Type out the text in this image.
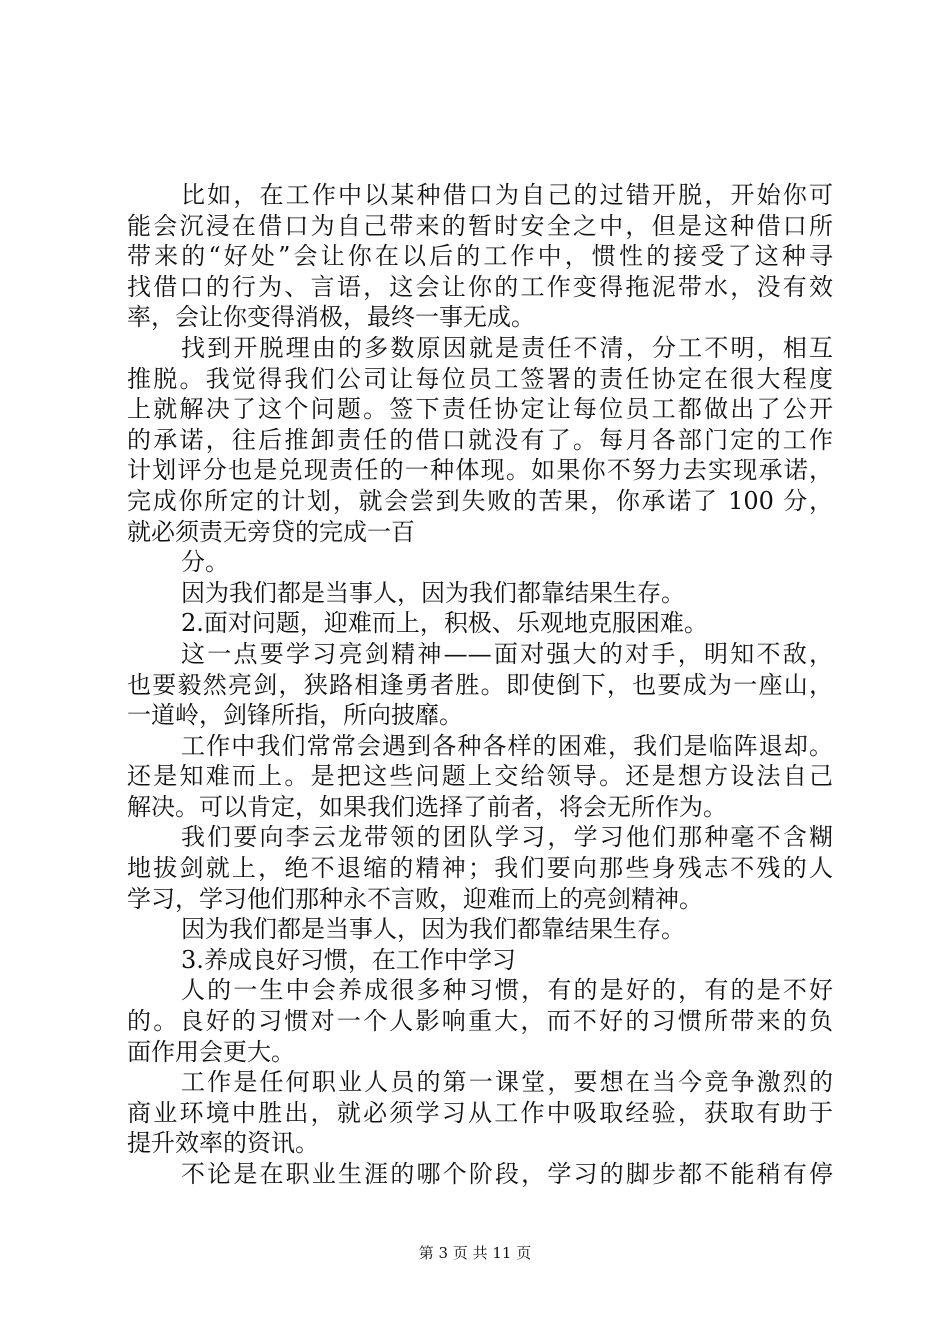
比如，在工作中以某种借口为自己的过错开脱，开始你可
能会沉浸在借口为自己带来的暂时安全之中，但是这种借口所
带来的“好处”会让你在以后的工作中，惯性的接受了这种寻
找借口的行为、言语，这会让你的工作变得拖泥带水，没有效
率，会让你变得消极，最终一事无成。
找到开脱理由的多数原因就是责任不清，分工不明，相互
推脱。我觉得我们公司让每位员工签署的责任协定在很大程度
上就解决了这个问题。签下责任协定让每位员工都做出了公开
的承诺，往后推卸责任的借口就没有了。每月各部门定的工作
计划评分也是兑现责任的一种体现。如果你不努力去实现承诺，
完成你所定的计划，就会尝到失败的苦果，你承诺了 100 分，
就必须责无旁贷的完成一百
分。
因为我们都是当事人，因为我们都靠结果生存。
2.面对问题，迎难而上，积极、乐观地克服困难。
这一点要学习亮剑精神——面对强大的对手，明知不敌，
也要毅然亮剑，狭路相逢勇者胜。即使倒下，也要成为一座山，
一道岭，剑锋所指，所向披靡。
工作中我们常常会遇到各种各样的困难，我们是临阵退却。
还是知难而上。是把这些问题上交给领导。还是想方设法自己
解决。可以肯定，如果我们选择了前者，将会无所作为。
我们要向李云龙带领的团队学习，学习他们那种毫不含糊
地拔剑就上，绝不退缩的精神；我们要向那些身残志不残的人
学习，学习他们那种永不言败，迎难而上的亮剑精神。
因为我们都是当事人，因为我们都靠结果生存。
3.养成良好习惯，在工作中学习
人的一生中会养成很多种习惯，有的是好的，有的是不好
的。良好的习惯对一个人影响重大，而不好的习惯所带来的负
面作用会更大。
工作是任何职业人员的第一课堂，要想在当今竞争激烈的
商业环境中胜出，就必须学习从工作中吸取经验，获取有助于
提升效率的资讯。
不论是在职业生涯的哪个阶段，学习的脚步都不能稍有停
第 3 页 共 11 页
